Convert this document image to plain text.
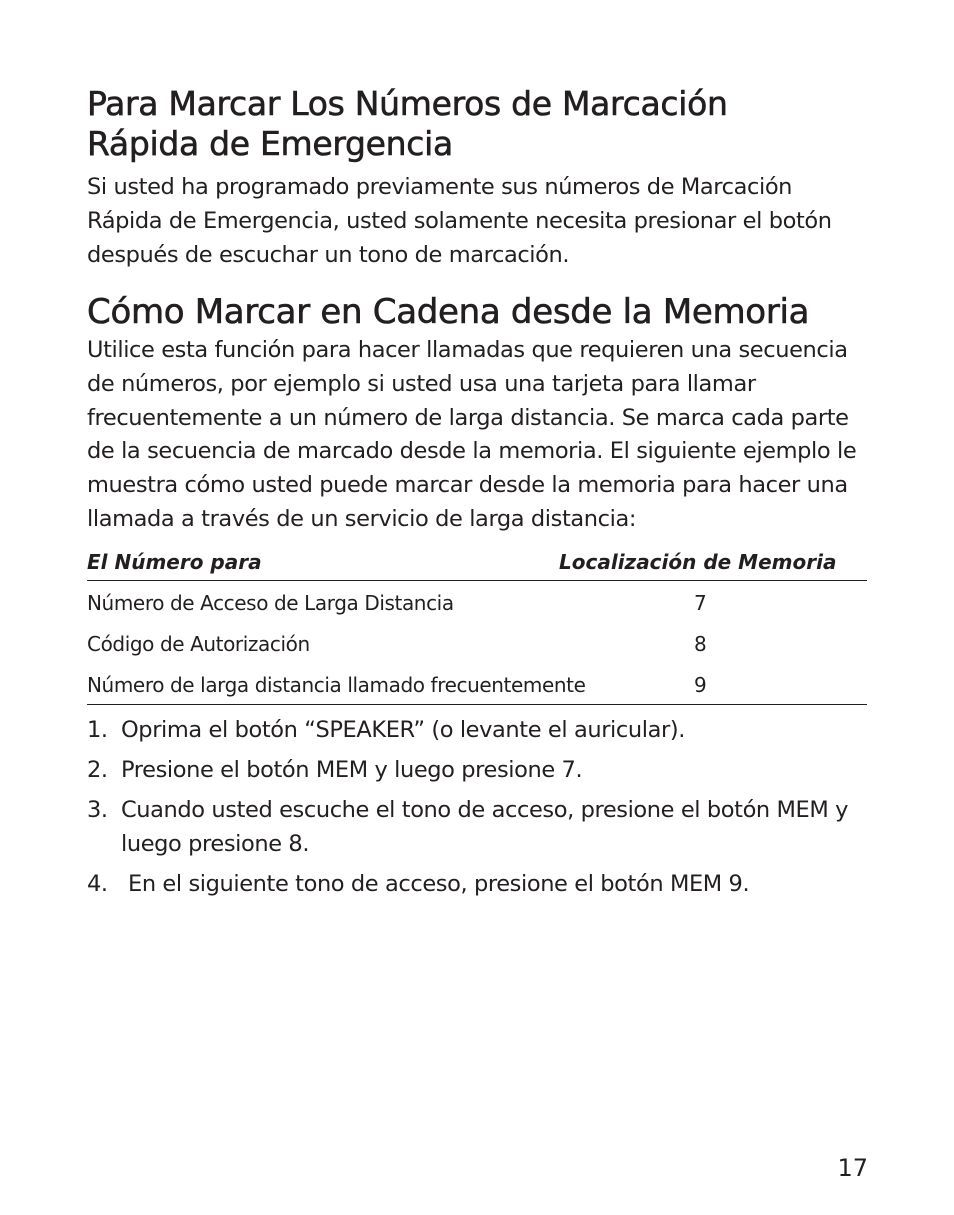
Para Marcar Los Números de Marcación
Rápida de Emergencia

Si usted ha programado previamente sus números de Marcación Rápida de Emergencia, usted solamente necesita presionar el botón después de escuchar un tono de marcación.

Cómo Marcar en Cadena desde la Memoria

Utilice esta función para hacer llamadas que requieren una secuencia de números, por ejemplo si usted usa una tarjeta para llamar frecuentemente a un número de larga distancia. Se marca cada parte de la secuencia de marcado desde la memoria. El siguiente ejemplo le muestra cómo usted puede marcar desde la memoria para hacer una llamada a través de un servicio de larga distancia:

El Número para	Localización de Memoria
Número de Acceso de Larga Distancia	7
Código de Autorización	8
Número de larga distancia llamado frecuentemente	9
1. Oprima el botón “SPEAKER” (o levante el auricular).
2. Presione el botón MEM y luego presione 7.
3. Cuando usted escuche el tono de acceso, presione el botón MEM y luego presione 8.
4. En el siguiente tono de acceso, presione el botón MEM 9.
17
